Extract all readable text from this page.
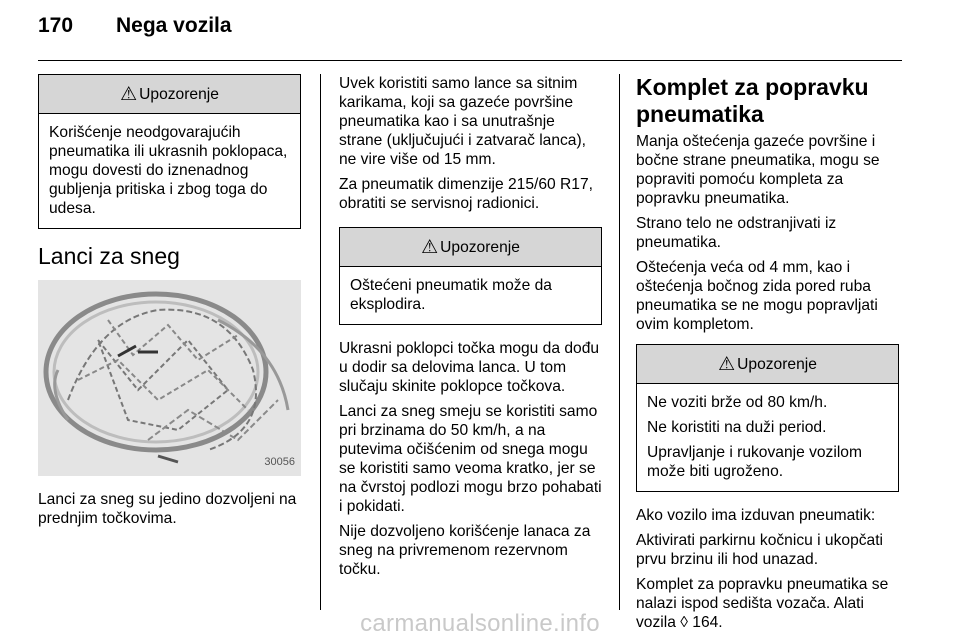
170 Nega vozila
⚠ Upozorenje

Korišćenje neodgovarajućih pneumatika ili ukrasnih poklopaca, mogu dovesti do iznenadnog gubljenja pritiska i zbog toga do udesa.

Lanci za sneg
30056

Lanci za sneg su jedino dozvoljeni na prednjim točkovima.

Uvek koristiti samo lance sa sitnim karikama, koji sa gazeće površine pneumatika kao i sa unutrašnje strane (uključujući i zatvarač lanca), ne vire više od 15 mm.

Za pneumatik dimenzije 215/60 R17, obratiti se servisnoj radionici.

⚠ Upozorenje

Oštećeni pneumatik može da eksplodira.

Ukrasni poklopci točka mogu da dođu u dodir sa delovima lanca. U tom slučaju skinite poklopce točkova.

Lanci za sneg smeju se koristiti samo pri brzinama do 50 km/h, a na putevima očišćenim od snega mogu se koristiti samo veoma kratko, jer se na čvrstoj podlozi mogu brzo pohabati i pokidati.

Nije dozvoljeno korišćenje lanaca za sneg na privremenom rezervnom točku.

Komplet za popravku pneumatika

Manja oštećenja gazeće površine i bočne strane pneumatika, mogu se popraviti pomoću kompleta za popravku pneumatika.

Strano telo ne odstranjivati iz pneumatika.

Oštećenja veća od 4 mm, kao i oštećenja bočnog zida pored ruba pneumatika se ne mogu popravljati ovim kompletom.

⚠ Upozorenje

Ne voziti brže od 80 km/h.

Ne koristiti na duži period.

Upravljanje i rukovanje vozilom može biti ugroženo.

Ako vozilo ima izduvan pneumatik:

Aktivirati parkirnu kočnicu i ukopčati prvu brzinu ili hod unazad.

Komplet za popravku pneumatika se nalazi ispod sedišta vozača. Alati vozila ◊ 164.

carmanualsonline.info
